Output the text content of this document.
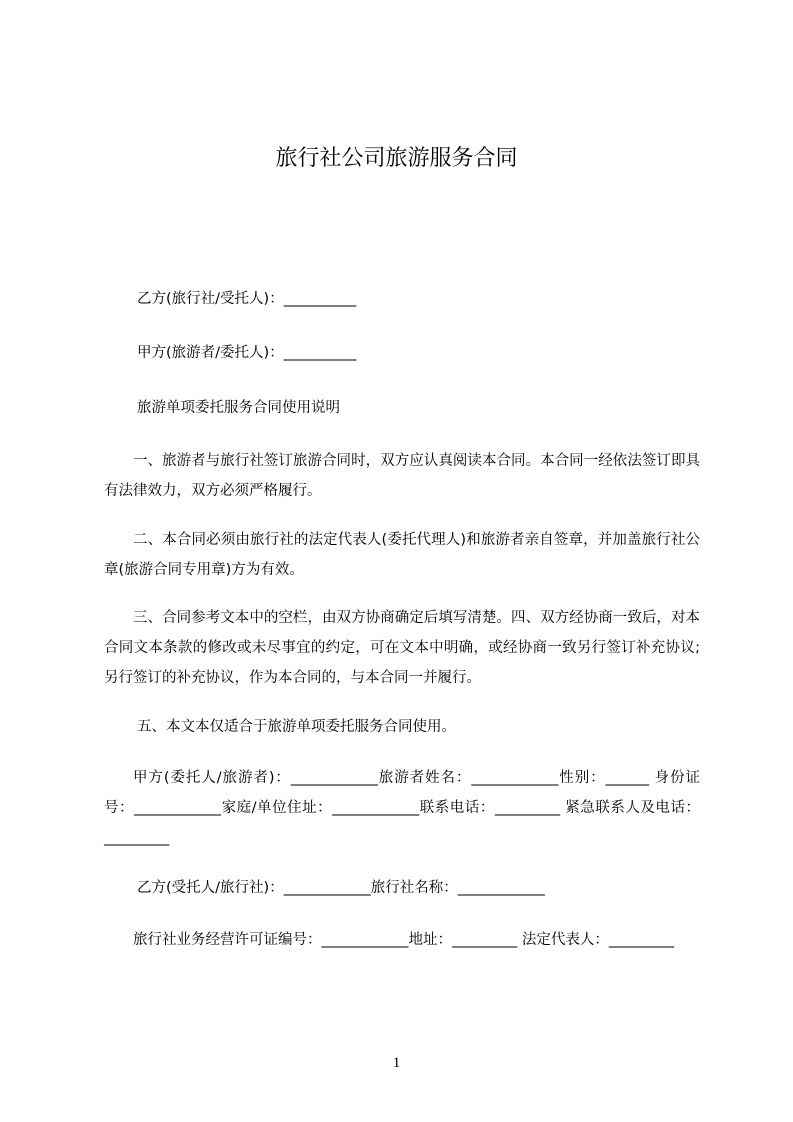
旅行社公司旅游服务合同
乙方(旅行社/受托人)：__________
甲方(旅游者/委托人)：__________
旅游单项委托服务合同使用说明
一、旅游者与旅行社签订旅游合同时，双方应认真阅读本合同。本合同一经依法签订即具有法律效力，双方必须严格履行。
二、本合同必须由旅行社的法定代表人(委托代理人)和旅游者亲自签章，并加盖旅行社公章(旅游合同专用章)方为有效。
三、合同参考文本中的空栏，由双方协商确定后填写清楚。四、双方经协商一致后，对本合同文本条款的修改或未尽事宜的约定，可在文本中明确，或经协商一致另行签订补充协议;另行签订的补充协议，作为本合同的，与本合同一并履行。
五、本文本仅适合于旅游单项委托服务合同使用。
甲方(委托人/旅游者)：____________旅游者姓名：____________性别：______ 身份证号：____________家庭/单位住址：____________联系电话：_________ 紧急联系人及电话：_________
乙方(受托人/旅行社)：____________旅行社名称：____________
旅行社业务经营许可证编号：____________地址：_________ 法定代表人：_________
1
